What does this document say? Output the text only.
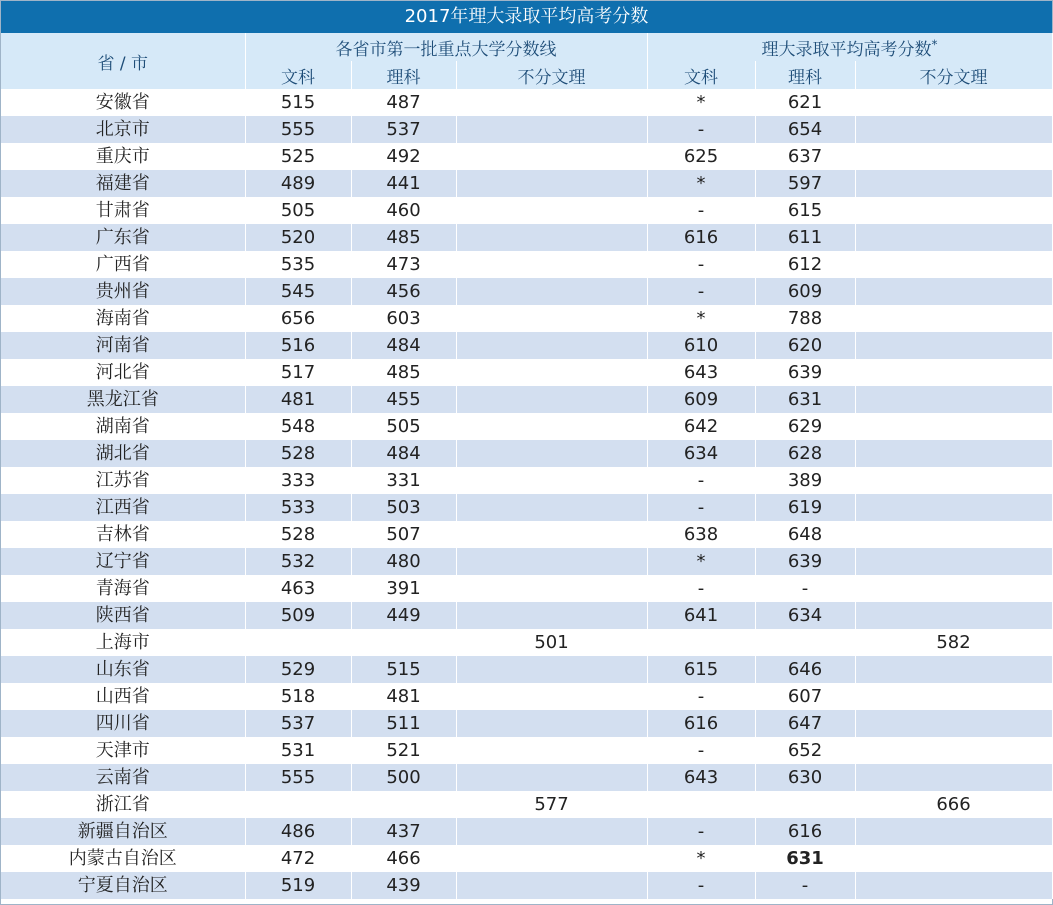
2017年理大录取平均高考分数
省 / 市	各省市第一批重点大学分数线			理大录取平均高考分数*
	文科	理科	不分文理	文科	理科	不分文理
安徽省	515	487		*	621	
北京市	555	537		-	654	
重庆市	525	492		625	637	
福建省	489	441		*	597	
甘肃省	505	460		-	615	
广东省	520	485		616	611	
广西省	535	473		-	612	
贵州省	545	456		-	609	
海南省	656	603		*	788	
河南省	516	484		610	620	
河北省	517	485		643	639	
黑龙江省	481	455		609	631	
湖南省	548	505		642	629	
湖北省	528	484		634	628	
江苏省	333	331		-	389	
江西省	533	503		-	619	
吉林省	528	507		638	648	
辽宁省	532	480		*	639	
青海省	463	391		-	-	
陕西省	509	449		641	634	
上海市			501			582
山东省	529	515		615	646	
山西省	518	481		-	607	
四川省	537	511		616	647	
天津市	531	521		-	652	
云南省	555	500		643	630	
浙江省			577			666
新疆自治区	486	437		-	616	
内蒙古自治区	472	466		*	631	
宁夏自治区	519	439		-	-	
